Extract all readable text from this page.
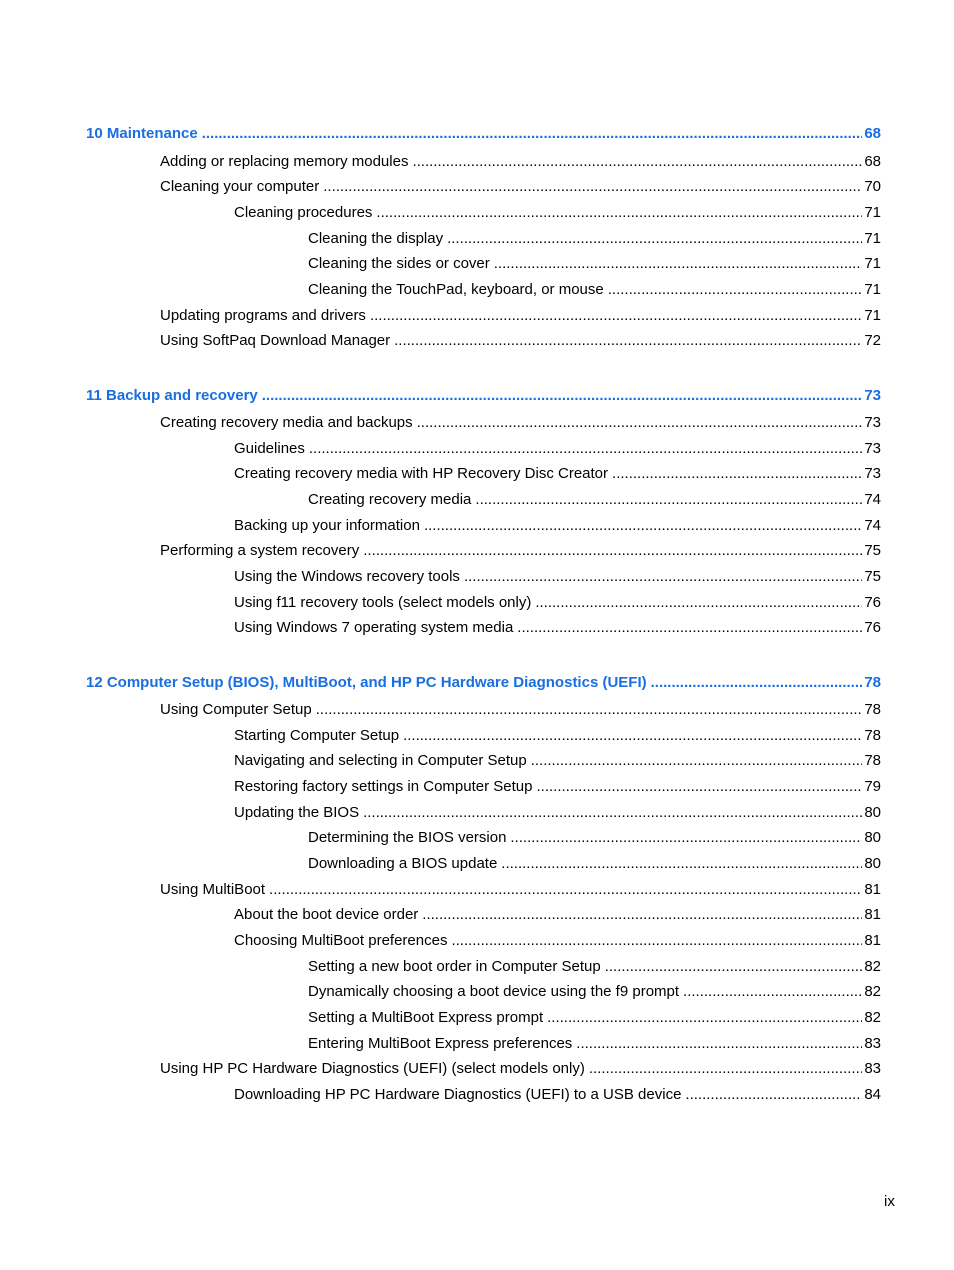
10 Maintenance .....	68
Adding or replacing memory modules .....	68
Cleaning your computer .....	70
Cleaning procedures .....	71
Cleaning the display .....	71
Cleaning the sides or cover .....	71
Cleaning the TouchPad, keyboard, or mouse .....	71
Updating programs and drivers .....	71
Using SoftPaq Download Manager .....	72
11 Backup and recovery .....	73
Creating recovery media and backups .....	73
Guidelines .....	73
Creating recovery media with HP Recovery Disc Creator .....	73
Creating recovery media .....	74
Backing up your information .....	74
Performing a system recovery .....	75
Using the Windows recovery tools .....	75
Using f11 recovery tools (select models only) .....	76
Using Windows 7 operating system media .....	76
12 Computer Setup (BIOS), MultiBoot, and HP PC Hardware Diagnostics (UEFI) .....	78
Using Computer Setup .....	78
Starting Computer Setup .....	78
Navigating and selecting in Computer Setup .....	78
Restoring factory settings in Computer Setup .....	79
Updating the BIOS .....	80
Determining the BIOS version .....	80
Downloading a BIOS update .....	80
Using MultiBoot .....	81
About the boot device order .....	81
Choosing MultiBoot preferences .....	81
Setting a new boot order in Computer Setup .....	82
Dynamically choosing a boot device using the f9 prompt .....	82
Setting a MultiBoot Express prompt .....	82
Entering MultiBoot Express preferences .....	83
Using HP PC Hardware Diagnostics (UEFI) (select models only) .....	83
Downloading HP PC Hardware Diagnostics (UEFI) to a USB device .....	84
ix
